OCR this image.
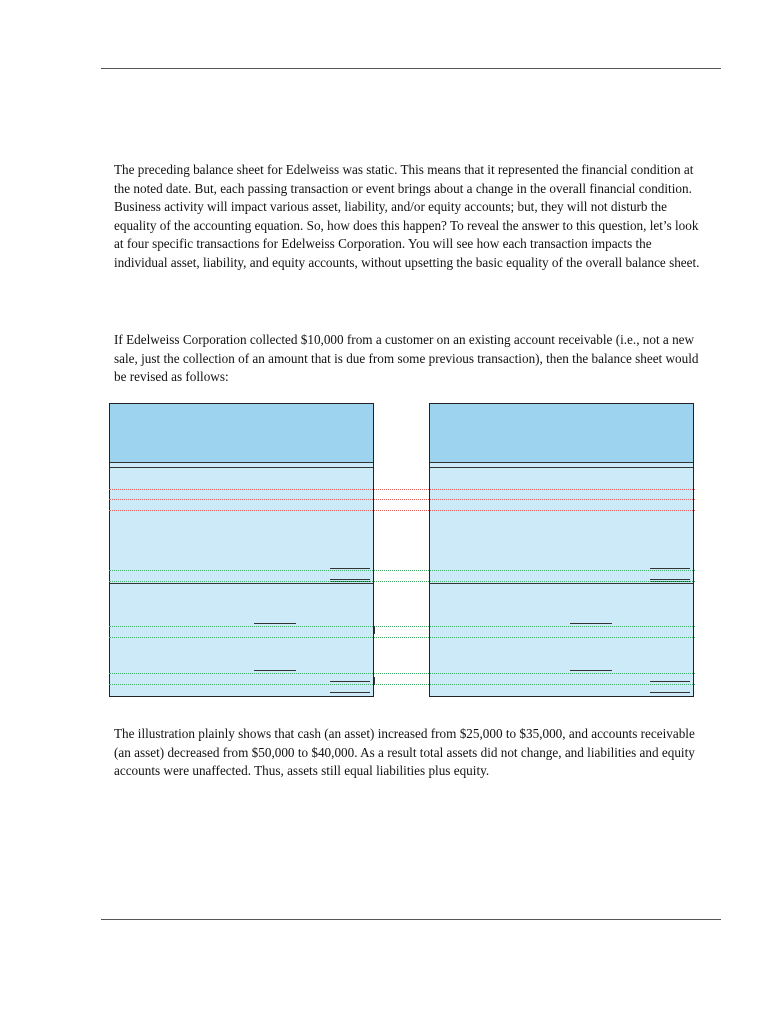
The preceding balance sheet for Edelweiss was static. This means that it represented the financial condition at the noted date. But, each passing transaction or event brings about a change in the overall financial condition. Business activity will impact various asset, liability, and/or equity accounts; but, they will not disturb the equality of the accounting equation. So, how does this happen? To reveal the answer to this question, let’s look at four specific transactions for Edelweiss Corporation. You will see how each transaction impacts the individual asset, liability, and equity accounts, without upsetting the basic equality of the overall balance sheet.

If Edelweiss Corporation collected $10,000 from a customer on an existing account receivable (i.e., not a new sale, just the collection of an amount that is due from some previous transaction), then the balance sheet would be revised as follows:

The illustration plainly shows that cash (an asset) increased from $25,000 to $35,000, and accounts receivable (an asset) decreased from $50,000 to $40,000. As a result total assets did not change, and liabilities and equity accounts were unaffected. Thus, assets still equal liabilities plus equity.
